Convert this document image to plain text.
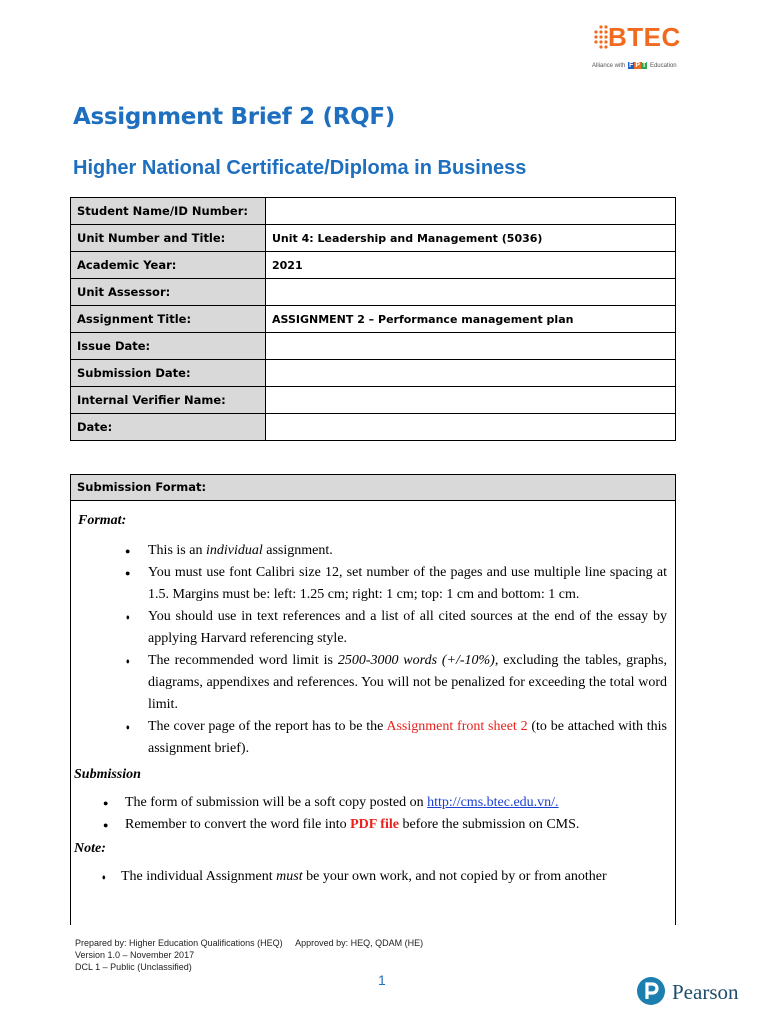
BTEC
Alliance with F P T Education
Assignment Brief 2 (RQF)
Higher National Certificate/Diploma in Business
Student Name/ID Number:	
Unit Number and Title:	Unit 4: Leadership and Management (5036)
Academic Year:	2021
Unit Assessor:	
Assignment Title:	ASSIGNMENT 2 – Performance management plan
Issue Date:	
Submission Date:	
Internal Verifier Name:	
Date:	
Submission Format:
Format:
● This is an individual assignment.
● You must use font Calibri size 12, set number of the pages and use multiple line spacing at 1.5. Margins must be: left: 1.25 cm; right: 1 cm; top: 1 cm and bottom: 1 cm.
● You should use in text references and a list of all cited sources at the end of the essay by applying Harvard referencing style.
● The recommended word limit is 2500-3000 words (+/-10%), excluding the tables, graphs, diagrams, appendixes and references. You will not be penalized for exceeding the total word limit.
● The cover page of the report has to be the Assignment front sheet 2 (to be attached with this assignment brief).
Submission
● The form of submission will be a soft copy posted on http://cms.btec.edu.vn/.
● Remember to convert the word file into PDF file before the submission on CMS.
Note:
● The individual Assignment must be your own work, and not copied by or from another
Prepared by: Higher Education Qualifications (HEQ) Approved by: HEQ, QDAM (HE)
Version 1.0 – November 2017
DCL 1 – Public (Unclassified)
1	Pearson
